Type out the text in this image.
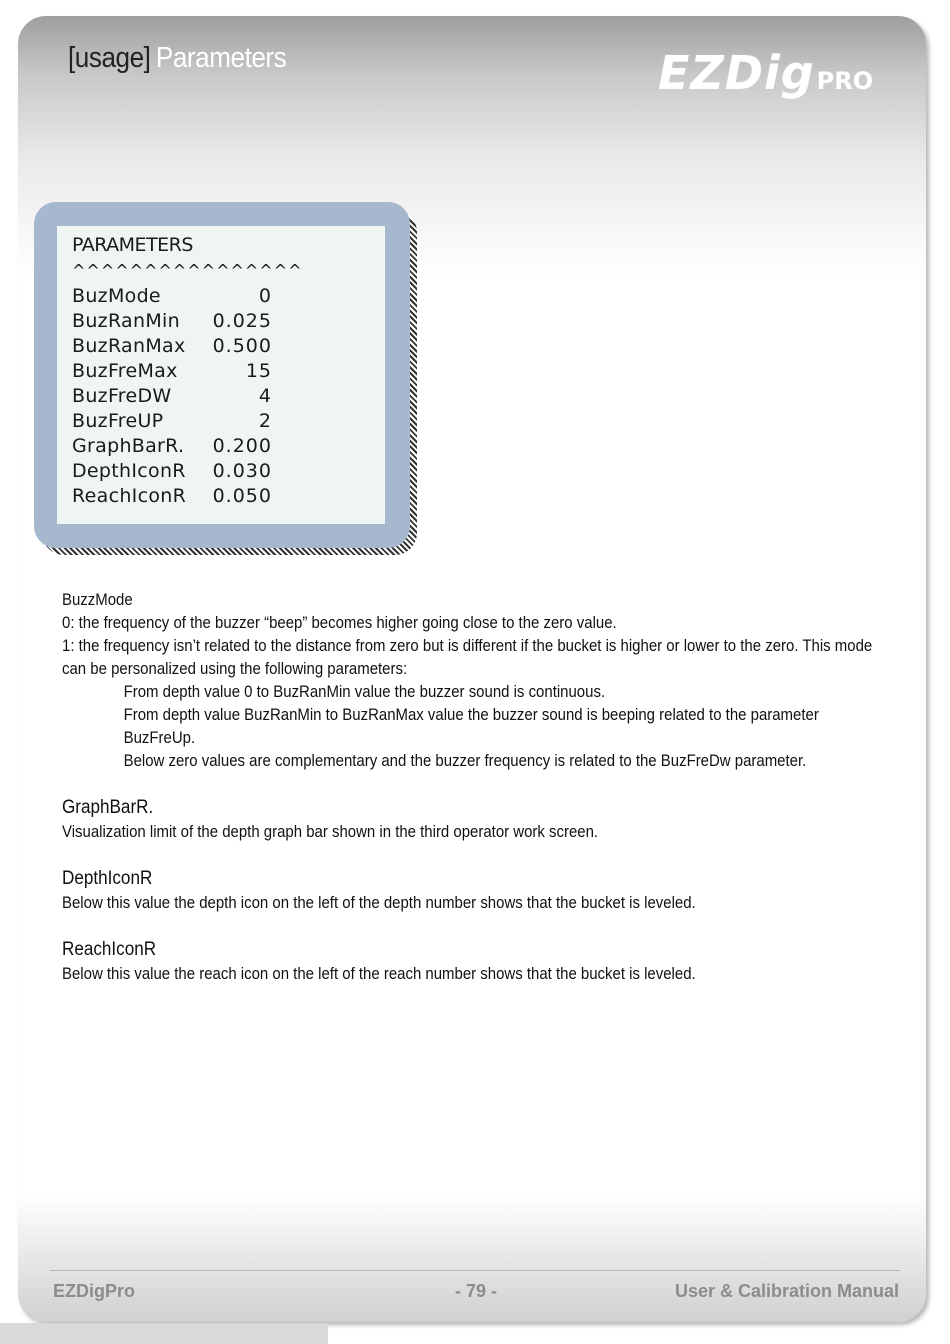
[usage] Parameters	EZDigPRO
PARAMETERS
^^^^^^^^^^^^^^^^
BuzMode	0
BuzRanMin 0.025
BuzRanMax 0.500
BuzFreMax	15
BuzFreDW	4
BuzFreUP	2
GraphBarR. 0.200
DepthIconR 0.030
ReachIconR 0.050

BuzzMode

0: the frequency of the buzzer “beep” becomes higher going close to the zero value.

1: the frequency isn’t related to the distance from zero but is different if the bucket is higher or lower to the zero. This mode

can be personalized using the following parameters:

From depth value 0 to BuzRanMin value the buzzer sound is continuous.

From depth value BuzRanMin to BuzRanMax value the buzzer sound is beeping related to the parameter

BuzFreUp.

Below zero values are complementary and the buzzer frequency is related to the BuzFreDw parameter.

GraphBarR.

Visualization limit of the depth graph bar shown in the third operator work screen.

DepthIconR

Below this value the depth icon on the left of the depth number shows that the bucket is leveled.

ReachIconR

Below this value the reach icon on the left of the reach number shows that the bucket is leveled.

EZDigPro	- 79 -	User & Calibration Manual
